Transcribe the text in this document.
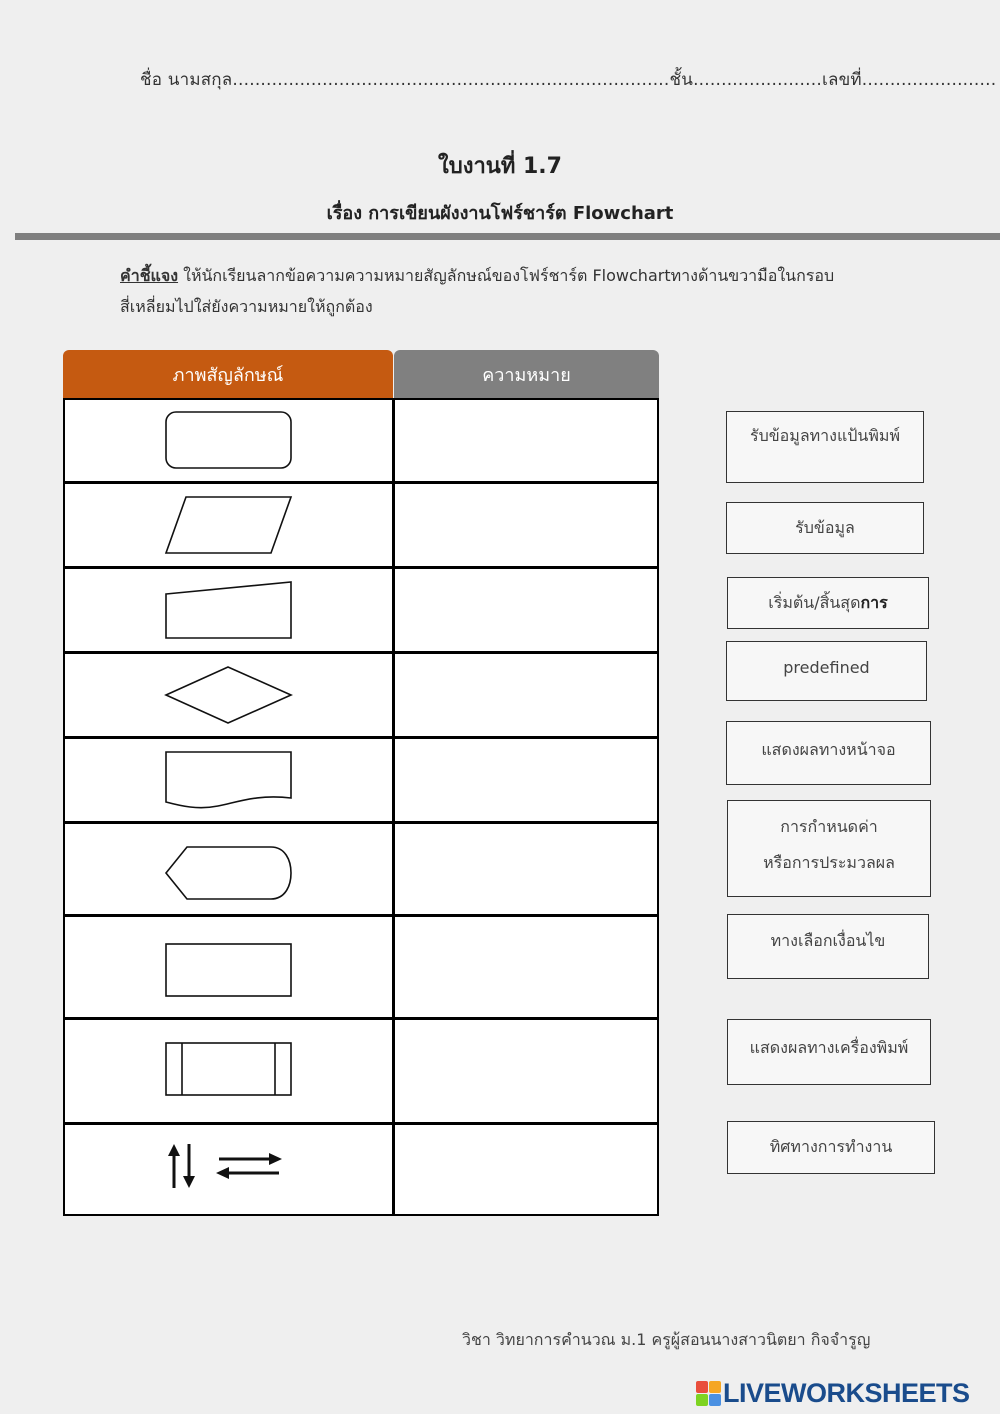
ชื่อ นามสกุล..............................................................................ชั้น.......................เลขที่........................
ใบงานที่ 1.7
เรื่อง การเขียนผังงานโฟร์ชาร์ต Flowchart
คำชี้แจง ให้นักเรียนลากข้อความความหมายสัญลักษณ์ของโฟร์ชาร์ต Flowchartทางด้านขวามือในกรอบสี่เหลี่ยมไปใส่ยังความหมายให้ถูกต้อง
ภาพสัญลักษณ์	ความหมาย
รับข้อมูลทางแป้นพิมพ์
รับข้อมูล
เริ่มต้น/สิ้นสุดการ
predefined
แสดงผลทางหน้าจอ
การกำหนดค่า
หรือการประมวลผล
ทางเลือกเงื่อนไข
แสดงผลทางเครื่องพิมพ์
ทิศทางการทำงาน
วิชา วิทยาการคำนวณ ม.1 ครูผู้สอนนางสาวนิตยา กิจจำรูญ
LIVEWORKSHEETS
